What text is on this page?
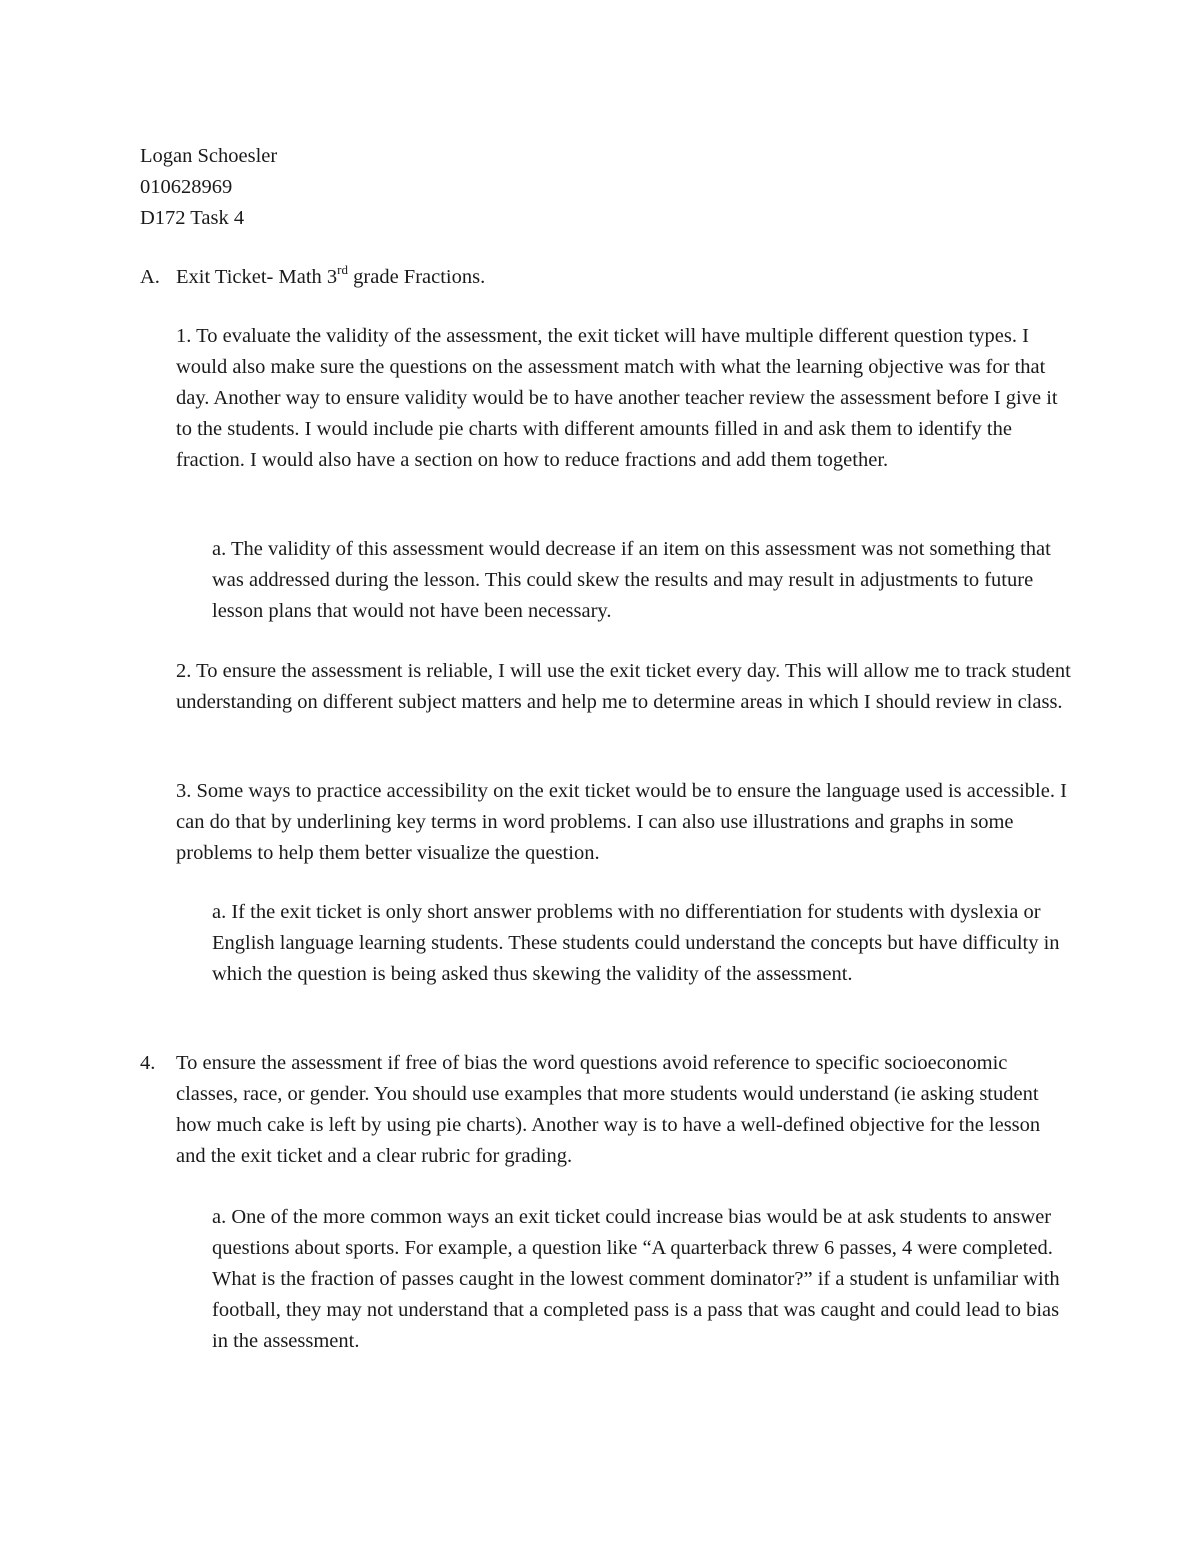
Logan Schoesler

010628969

D172 Task 4

A. Exit Ticket- Math 3rd grade Fractions.

1. To evaluate the validity of the assessment, the exit ticket will have multiple different question types. I would also make sure the questions on the assessment match with what the learning objective was for that day. Another way to ensure validity would be to have another teacher review the assessment before I give it to the students. I would include pie charts with different amounts filled in and ask them to identify the fraction. I would also have a section on how to reduce fractions and add them together.

a. The validity of this assessment would decrease if an item on this assessment was not something that was addressed during the lesson. This could skew the results and may result in adjustments to future lesson plans that would not have been necessary.

2. To ensure the assessment is reliable, I will use the exit ticket every day. This will allow me to track student understanding on different subject matters and help me to determine areas in which I should review in class.

3. Some ways to practice accessibility on the exit ticket would be to ensure the language used is accessible. I can do that by underlining key terms in word problems. I can also use illustrations and graphs in some problems to help them better visualize the question.

a. If the exit ticket is only short answer problems with no differentiation for students with dyslexia or English language learning students. These students could understand the concepts but have difficulty in which the question is being asked thus skewing the validity of the assessment.

4. To ensure the assessment if free of bias the word questions avoid reference to specific socioeconomic classes, race, or gender. You should use examples that more students would understand (ie asking student how much cake is left by using pie charts). Another way is to have a well-defined objective for the lesson and the exit ticket and a clear rubric for grading.

a. One of the more common ways an exit ticket could increase bias would be at ask students to answer questions about sports. For example, a question like “A quarterback threw 6 passes, 4 were completed. What is the fraction of passes caught in the lowest comment dominator?” if a student is unfamiliar with football, they may not understand that a completed pass is a pass that was caught and could lead to bias in the assessment.
